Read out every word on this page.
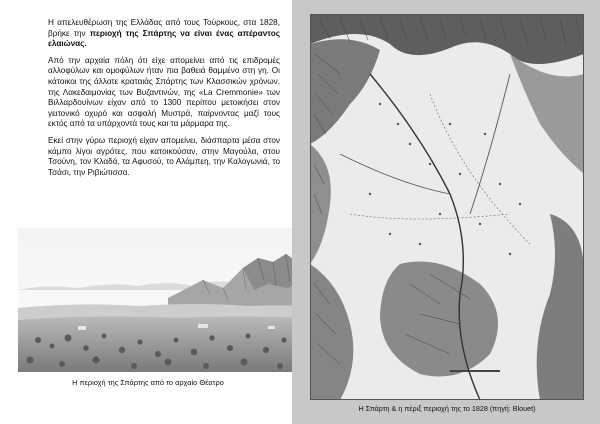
Η απελευθέρωση της Ελλάδας από τους Τούρκους, στα 1828, βρήκε την περιοχή της Σπάρτης να είναι ένας απέραντος ελαιώνας.

Από την αρχαία πόλη ότι είχε απομείνει από τις επιδρομές αλλοφύλων και ομοφύλων ήταν πια βαθειά θαμμένο στη γη. Οι κάτοικοι της άλλοτε κραταιάς Σπάρτης των Κλασσικών χρόνων, της Λακεδαιμονίας των Βυζαντινών, της «La Cremmonie» των Βιλλαρδουίνων είχαν από το 1300 περίπου μετοικήσει στον γειτονικό οχυρό και ασφαλή Μυστρά, παίρνοντας μαζί τους εκτός από τα υπάρχοντά τους και τα μάρμαρα της.

Εκεί στην γύρω περιοχή είχαν απομείνει, διάσπαρτα μέσα στον κάμπο λίγοι αγρότες, που κατοικούσαν, στην Μαγούλα, στου Τσούνη, τον Κλαδά, τα Αφυσού, το Αλάμπεη, την Καλογωνιά, το Τσάσι, την Ριβιώτισσα.

Η περιοχή της Σπάρτης από το αρχαίο Θέατρο
Η Σπάρτη & η πέριξ περιοχή της το 1828 (πηγή: Blouet)
